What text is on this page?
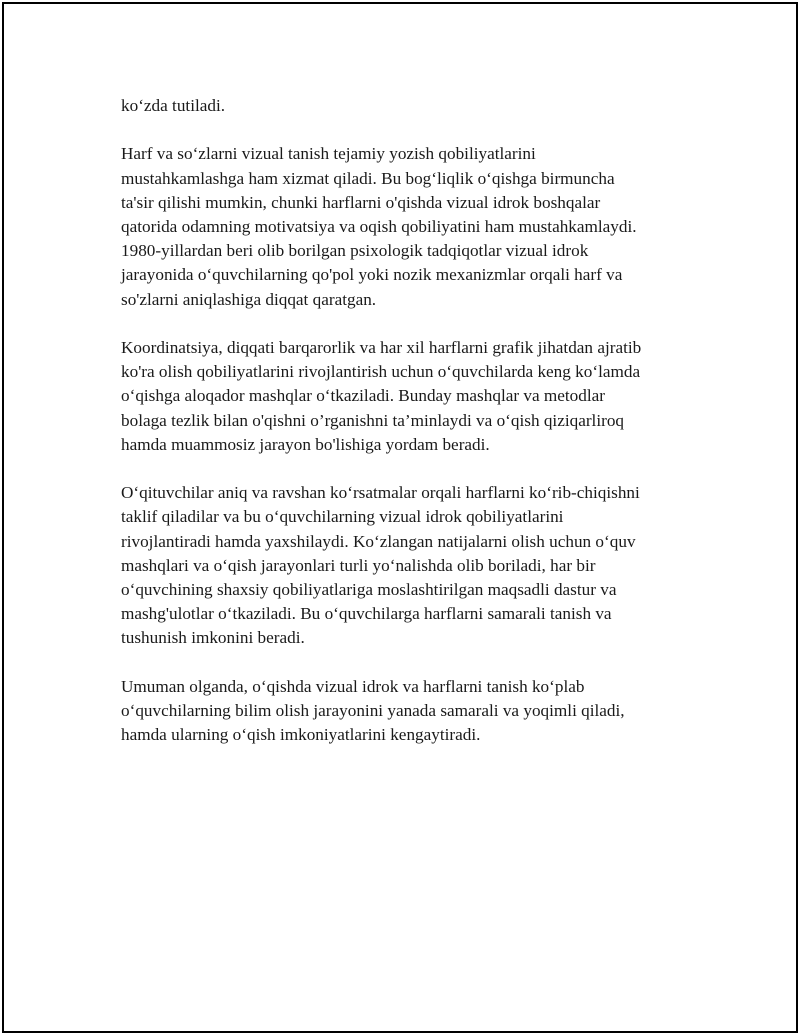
ko‘zda tutiladi.

Harf va so‘zlarni vizual tanish tejamiy yozish qobiliyatlarini
mustahkamlashga ham xizmat qiladi. Bu bog‘liqlik o‘qishga birmuncha
ta'sir qilishi mumkin, chunki harflarni o'qishda vizual idrok boshqalar
qatorida odamning motivatsiya va oqish qobiliyatini ham mustahkamlaydi.
1980-yillardan beri olib borilgan psixologik tadqiqotlar vizual idrok
jarayonida o‘quvchilarning qo'pol yoki nozik mexanizmlar orqali harf va
so'zlarni aniqlashiga diqqat qaratgan.

Koordinatsiya, diqqati barqarorlik va har xil harflarni grafik jihatdan ajratib
ko'ra olish qobiliyatlarini rivojlantirish uchun o‘quvchilarda keng ko‘lamda
o‘qishga aloqador mashqlar o‘tkaziladi. Bunday mashqlar va metodlar
bolaga tezlik bilan o'qishni o’rganishni ta’minlaydi va o‘qish qiziqarliroq
hamda muammosiz jarayon bo'lishiga yordam beradi.

O‘qituvchilar aniq va ravshan ko‘rsatmalar orqali harflarni ko‘rib-chiqishni
taklif qiladilar va bu o‘quvchilarning vizual idrok qobiliyatlarini
rivojlantiradi hamda yaxshilaydi. Ko‘zlangan natijalarni olish uchun o‘quv
mashqlari va o‘qish jarayonlari turli yo‘nalishda olib boriladi, har bir
o‘quvchining shaxsiy qobiliyatlariga moslashtirilgan maqsadli dastur va
mashg'ulotlar o‘tkaziladi. Bu o‘quvchilarga harflarni samarali tanish va
tushunish imkonini beradi.

Umuman olganda, o‘qishda vizual idrok va harflarni tanish ko‘plab
o‘quvchilarning bilim olish jarayonini yanada samarali va yoqimli qiladi,
hamda ularning o‘qish imkoniyatlarini kengaytiradi.
